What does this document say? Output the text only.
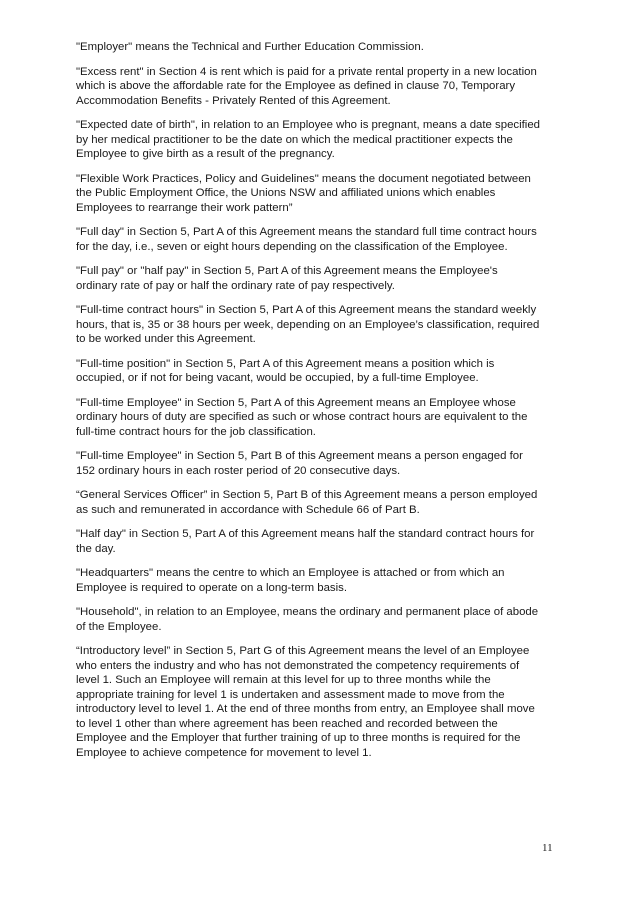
"Employer" means the Technical and Further Education Commission.

"Excess rent" in Section 4 is rent which is paid for a private rental property in a new location
which is above the affordable rate for the Employee as defined in clause 70, Temporary
Accommodation Benefits - Privately Rented of this Agreement.

"Expected date of birth", in relation to an Employee who is pregnant, means a date specified
by her medical practitioner to be the date on which the medical practitioner expects the
Employee to give birth as a result of the pregnancy.

"Flexible Work Practices, Policy and Guidelines" means the document negotiated between
the Public Employment Office, the Unions NSW and affiliated unions which enables
Employees to rearrange their work pattern”

"Full day" in Section 5, Part A of this Agreement means the standard full time contract hours
for the day, i.e., seven or eight hours depending on the classification of the Employee.

"Full pay" or "half pay" in Section 5, Part A of this Agreement means the Employee's
ordinary rate of pay or half the ordinary rate of pay respectively.

"Full-time contract hours" in Section 5, Part A of this Agreement means the standard weekly
hours, that is, 35 or 38 hours per week, depending on an Employee’s classification, required
to be worked under this Agreement.

"Full-time position" in Section 5, Part A of this Agreement means a position which is
occupied, or if not for being vacant, would be occupied, by a full-time Employee.

"Full-time Employee" in Section 5, Part A of this Agreement means an Employee whose
ordinary hours of duty are specified as such or whose contract hours are equivalent to the
full-time contract hours for the job classification.

"Full-time Employee" in Section 5, Part B of this Agreement means a person engaged for
152 ordinary hours in each roster period of 20 consecutive days.

“General Services Officer” in Section 5, Part B of this Agreement means a person employed
as such and remunerated in accordance with Schedule 66 of Part B.

"Half day" in Section 5, Part A of this Agreement means half the standard contract hours for
the day.

"Headquarters" means the centre to which an Employee is attached or from which an
Employee is required to operate on a long-term basis.

"Household", in relation to an Employee, means the ordinary and permanent place of abode
of the Employee.

“Introductory level” in Section 5, Part G of this Agreement means the level of an Employee
who enters the industry and who has not demonstrated the competency requirements of
level 1. Such an Employee will remain at this level for up to three months while the
appropriate training for level 1 is undertaken and assessment made to move from the
introductory level to level 1. At the end of three months from entry, an Employee shall move
to level 1 other than where agreement has been reached and recorded between the
Employee and the Employer that further training of up to three months is required for the
Employee to achieve competence for movement to level 1.

11
